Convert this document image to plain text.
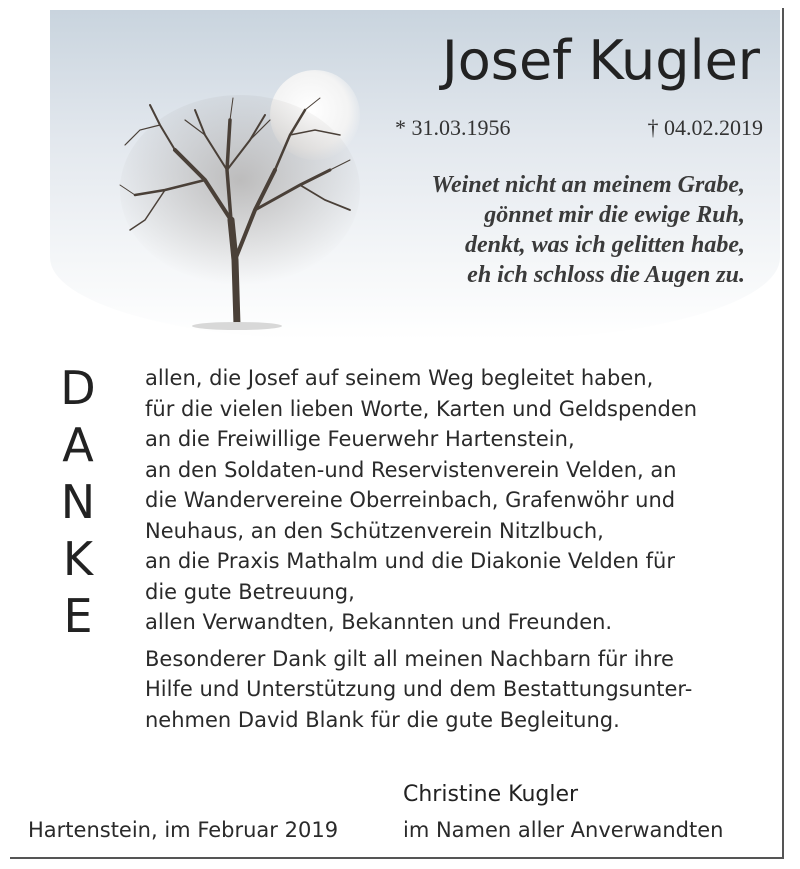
Josef Kugler
* 31.03.1956	† 04.02.2019
Weinet nicht an meinem Grabe,
gönnet mir die ewige Ruh,
denkt, was ich gelitten habe,
eh ich schloss die Augen zu.
D
A
N
K
E
allen, die Josef auf seinem Weg begleitet haben,
für die vielen lieben Worte, Karten und Geldspenden
an die Freiwillige Feuerwehr Hartenstein,
an den Soldaten-und Reservistenverein Velden, an
die Wandervereine Oberreinbach, Grafenwöhr und
Neuhaus, an den Schützenverein Nitzlbuch,
an die Praxis Mathalm und die Diakonie Velden für
die gute Betreuung,
allen Verwandten, Bekannten und Freunden.
Besonderer Dank gilt all meinen Nachbarn für ihre
Hilfe und Unterstützung und dem Bestattungsunter-
nehmen David Blank für die gute Begleitung.
Christine Kugler
im Namen aller Anverwandten
Hartenstein, im Februar 2019
